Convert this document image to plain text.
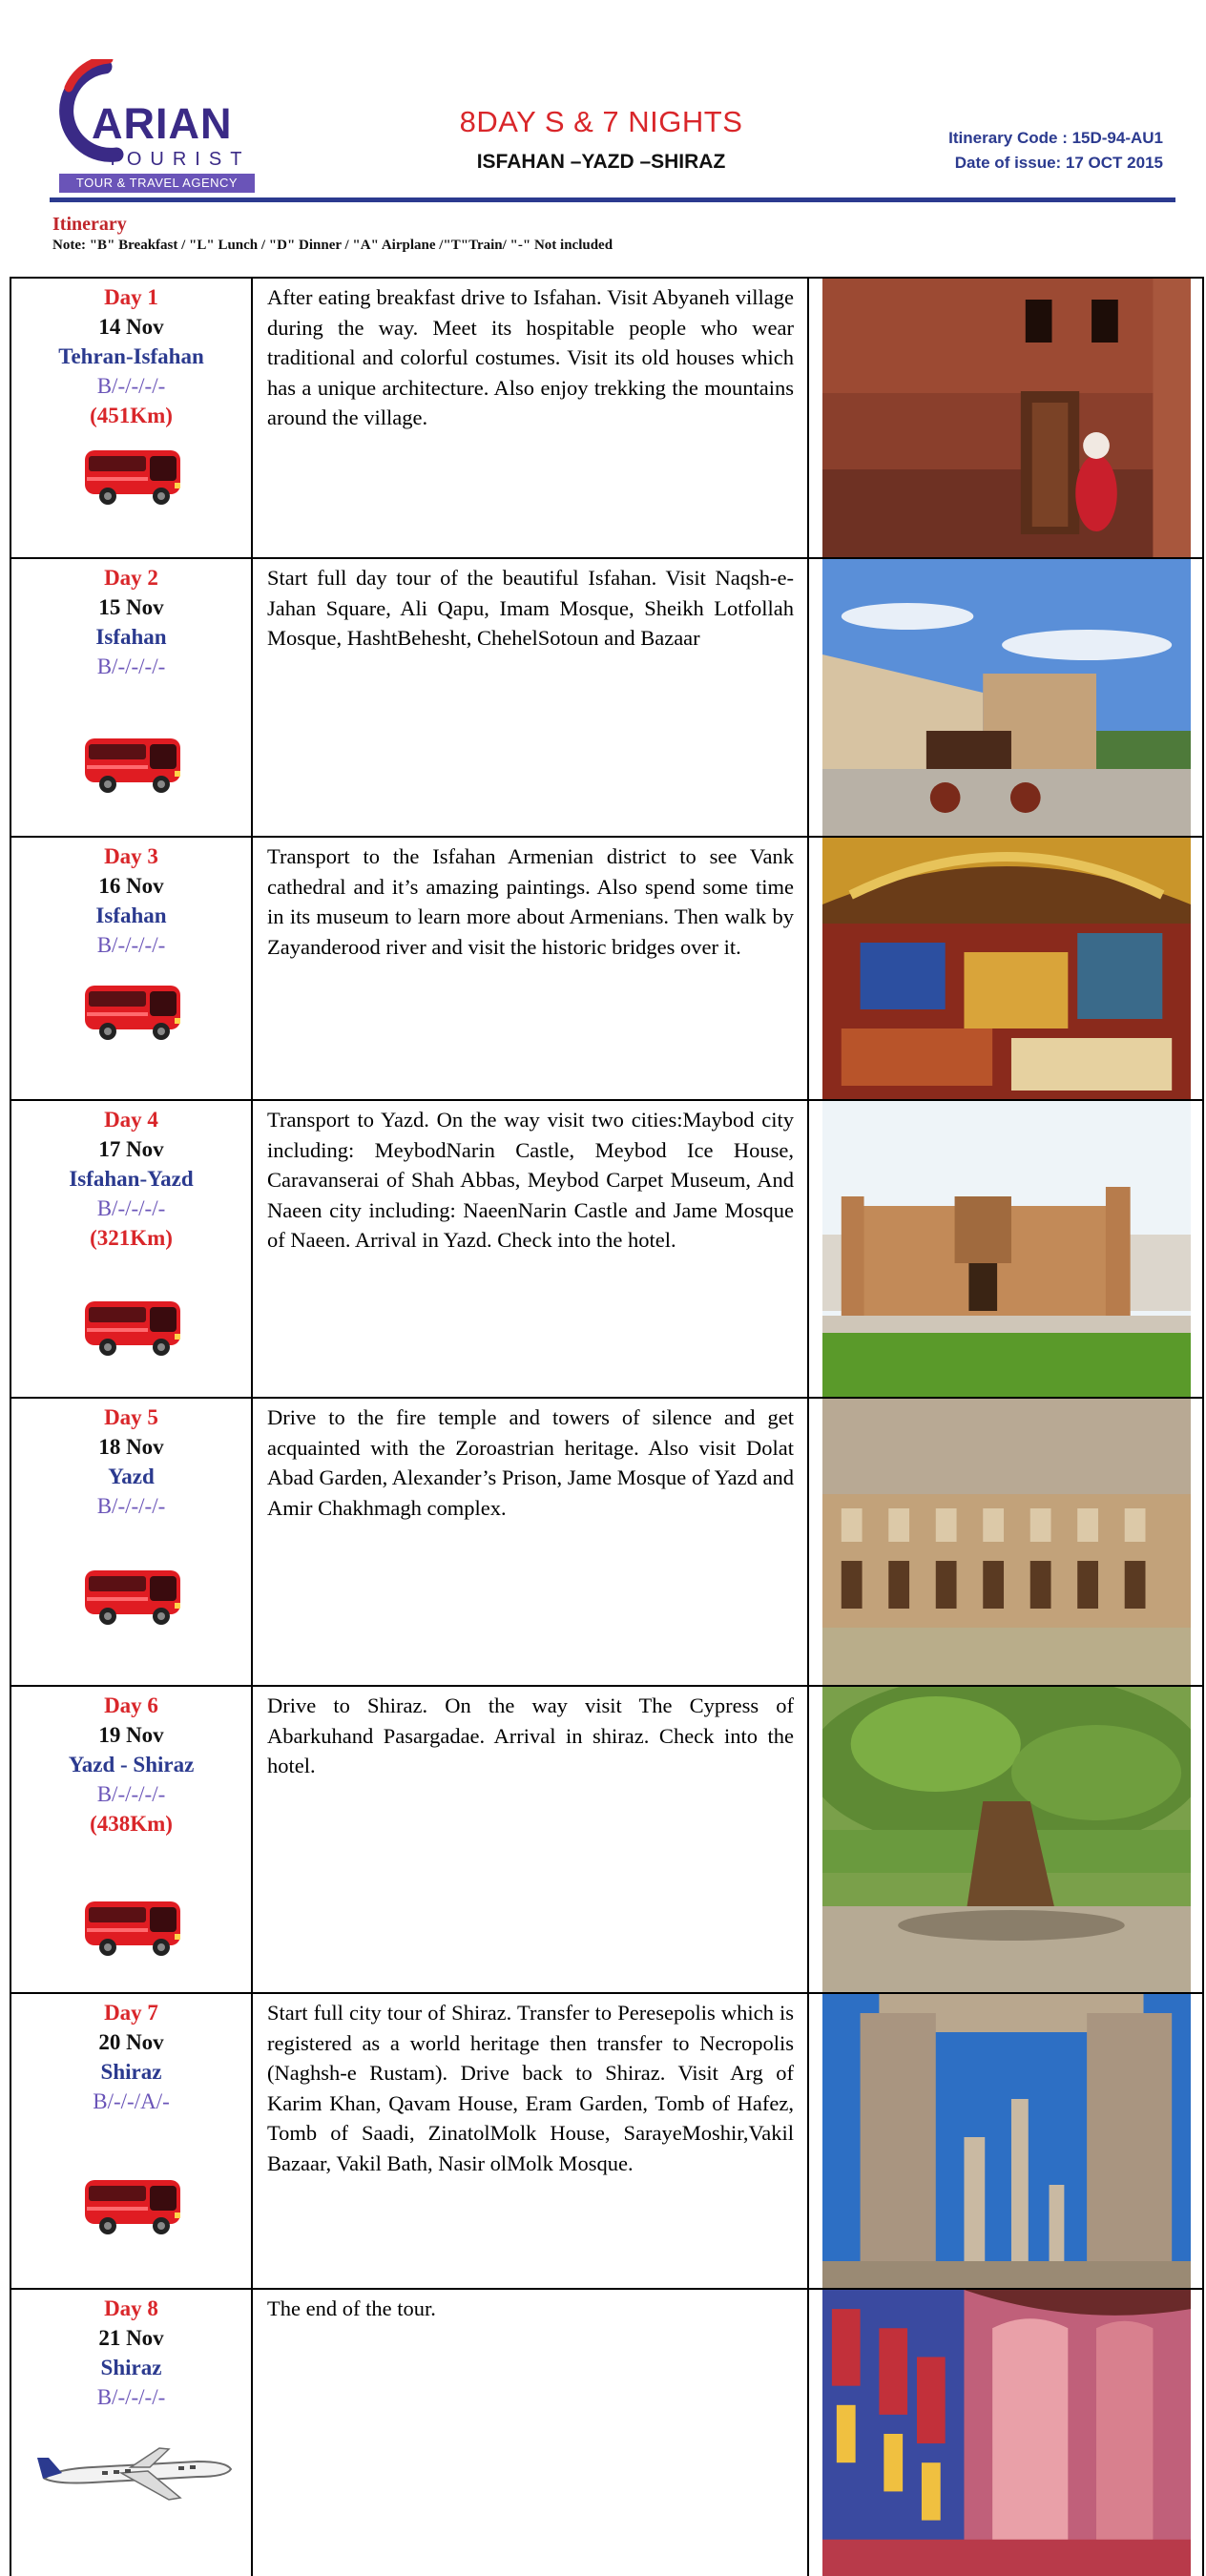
ARIAN
TOURIST
TOUR & TRAVEL AGENCY
8DAY S & 7 NIGHTS
ISFAHAN –YAZD –SHIRAZ
Itinerary Code : 15D-94-AU1
Date of issue: 17 OCT 2015
Itinerary
Note: "B" Breakfast / "L" Lunch / "D" Dinner / "A" Airplane /"T"Train/ "-" Not included
Day 1
14 Nov
Tehran-Isfahan
B/-/-/-/-
(451Km)
After eating breakfast drive to Isfahan. Visit Abyaneh village during the way. Meet its hospitable people who wear traditional and colorful costumes. Visit its old houses which has a unique architecture. Also enjoy trekking the mountains around the village.
Day 2
15 Nov
Isfahan
B/-/-/-/-
Start full day tour of the beautiful Isfahan. Visit Naqsh-e-Jahan Square, Ali Qapu, Imam Mosque, Sheikh Lotfollah Mosque, HashtBehesht, ChehelSotoun and Bazaar
Day 3
16 Nov
Isfahan
B/-/-/-/-
Transport to the Isfahan Armenian district to see Vank cathedral and it’s amazing paintings. Also spend some time in its museum to learn more about Armenians. Then walk by Zayanderood river and visit the historic bridges over it.
Day 4
17 Nov
Isfahan-Yazd
B/-/-/-/-
(321Km)
Transport to Yazd. On the way visit two cities:Maybod city including: MeybodNarin Castle, Meybod Ice House, Caravanserai of Shah Abbas, Meybod Carpet Museum, And Naeen city including: NaeenNarin Castle and Jame Mosque of Naeen. Arrival in Yazd. Check into the hotel.
Day 5
18 Nov
Yazd
B/-/-/-/-
Drive to the fire temple and towers of silence and get acquainted with the Zoroastrian heritage. Also visit Dolat Abad Garden, Alexander’s Prison, Jame Mosque of Yazd and Amir Chakhmagh complex.
Day 6
19 Nov
Yazd - Shiraz
B/-/-/-/-
(438Km)
Drive to Shiraz. On the way visit The Cypress of Abarkuhand Pasargadae. Arrival in shiraz. Check into the hotel.
Day 7
20 Nov
Shiraz
B/-/-/A/-
Start full city tour of Shiraz. Transfer to Peresepolis which is registered as a world heritage then transfer to Necropolis (Naghsh-e Rustam). Drive back to Shiraz. Visit Arg of Karim Khan, Qavam House, Eram Garden, Tomb of Hafez, Tomb of Saadi, ZinatolMolk House, SarayeMoshir,Vakil Bazaar, Vakil Bath, Nasir olMolk Mosque.
Day 8
21 Nov
Shiraz
B/-/-/-/-
The end of the tour.
